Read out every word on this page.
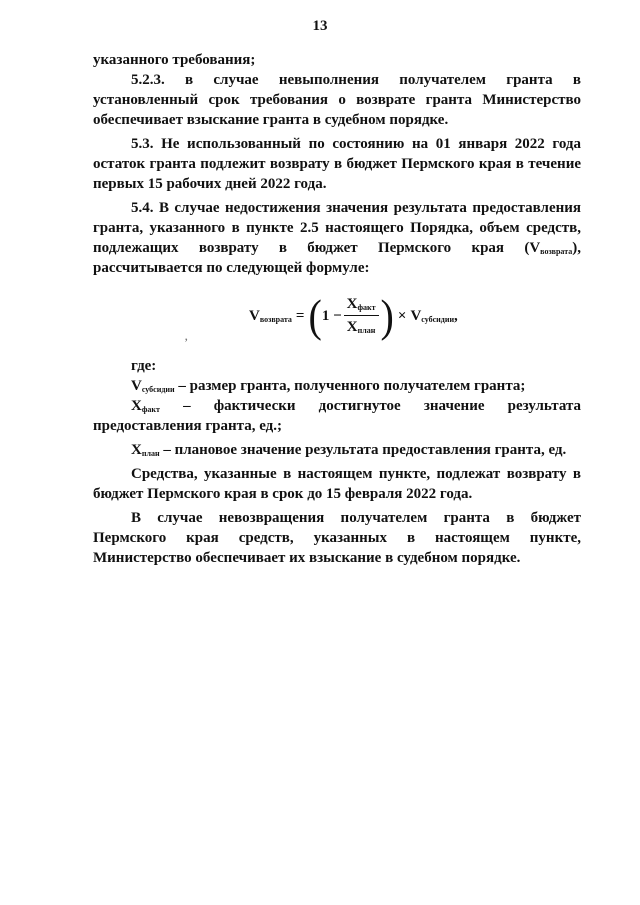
13

указанного требования;

5.2.3. в случае невыполнения получателем гранта в установленный срок требования о возврате гранта Министерство обеспечивает взыскание гранта в судебном порядке.

5.3. Не использованный по состоянию на 01 января 2022 года остаток гранта подлежит возврату в бюджет Пермского края в течение первых 15 рабочих дней 2022 года.

5.4. В случае недостижения значения результата предоставления гранта, указанного в пункте 2.5 настоящего Порядка, объем средств, подлежащих возврату в бюджет Пермского края $(V_{возврата})$, рассчитывается по следующей формуле:

$V_{возврата}$ = ( $1 - \frac{X_{факт}}{X_{план}}$ ) × $V_{субсидии}$ ,
,

где:

$V_{субсидии}$ – размер гранта, полученного получателем гранта;

$X_{факт}$ – фактически достигнутое значение результата предоставления гранта, ед.;

$X_{план}$ – плановое значение результата предоставления гранта, ед.

Средства, указанные в настоящем пункте, подлежат возврату в бюджет Пермского края в срок до 15 февраля 2022 года.

В случае невозвращения получателем гранта в бюджет Пермского края средств, указанных в настоящем пункте, Министерство обеспечивает их взыскание в судебном порядке.
